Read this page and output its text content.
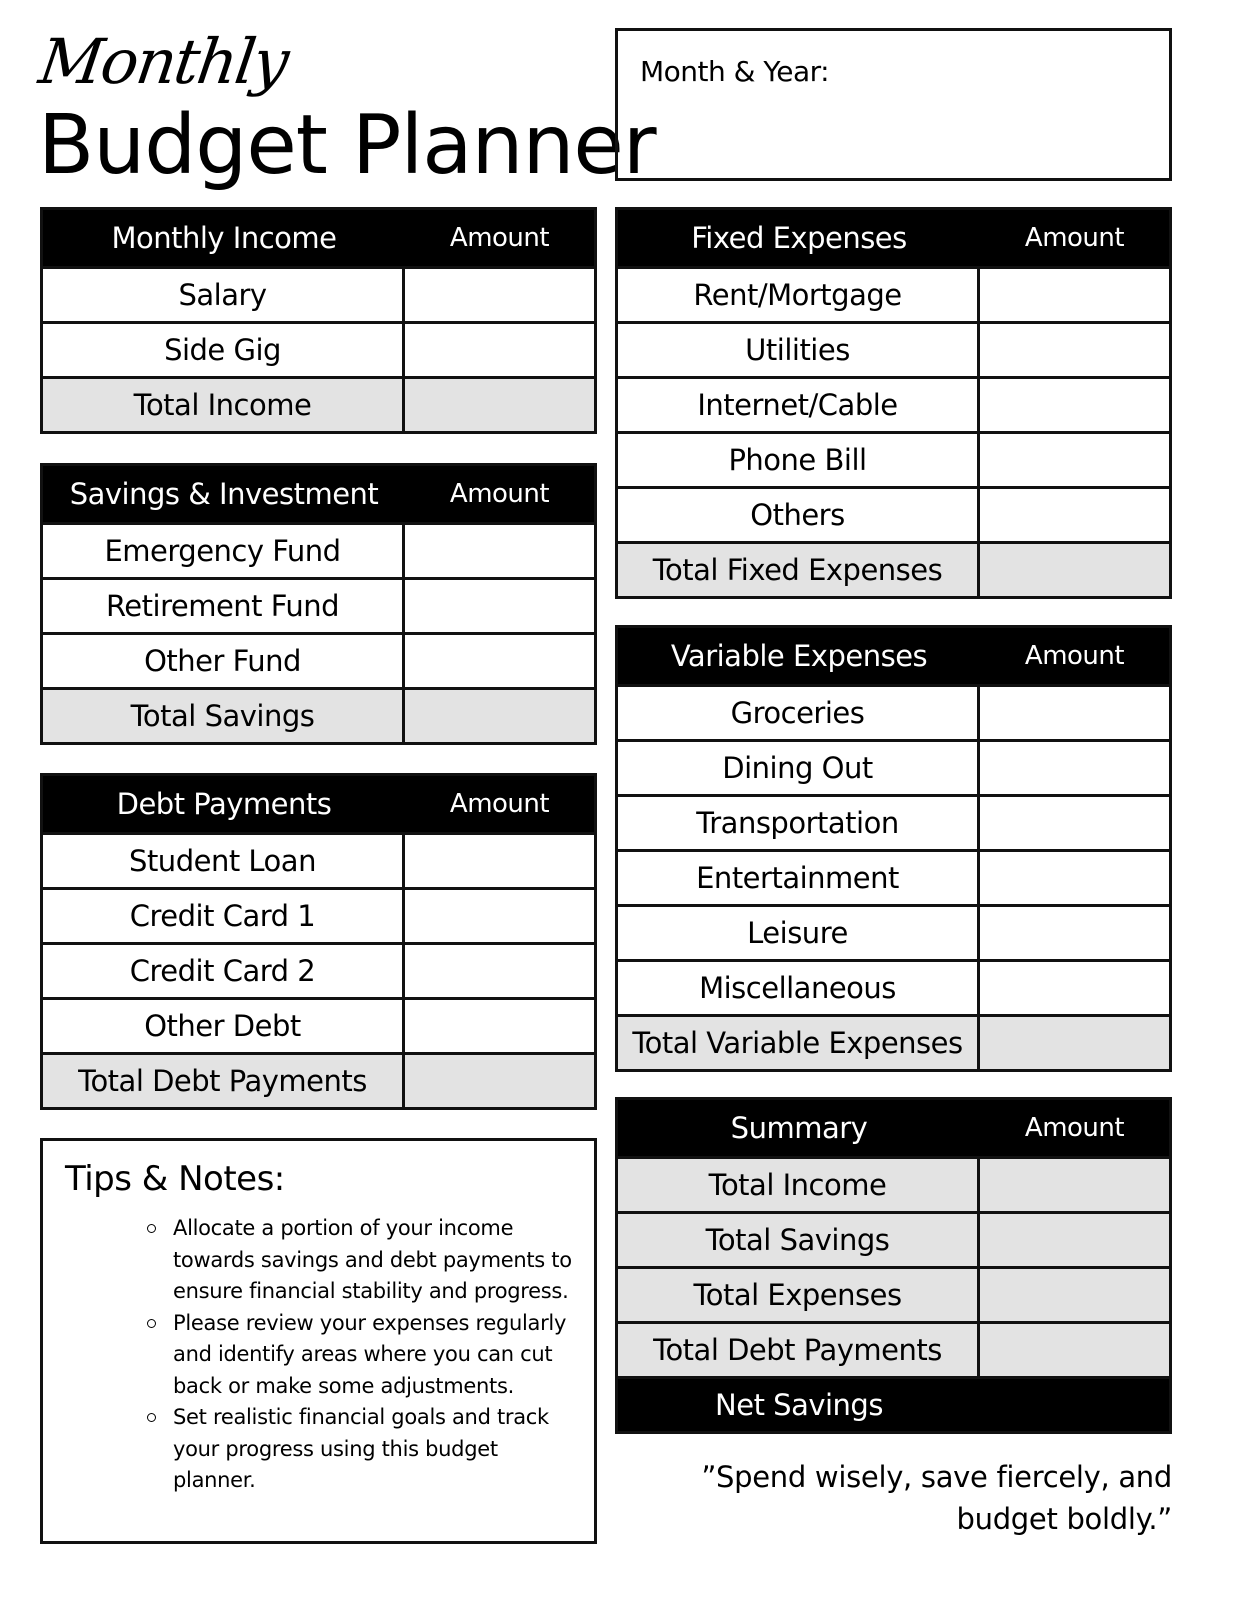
Monthly
Budget Planner
Month & Year:
Monthly Income	Amount
Salary
Side Gig
Total Income
Savings & Investment	Amount
Emergency Fund
Retirement Fund
Other Fund
Total Savings
Debt Payments	Amount
Student Loan
Credit Card 1
Credit Card 2
Other Debt
Total Debt Payments
Tips & Notes:
Allocate a portion of your income towards savings and debt payments to ensure financial stability and progress.
Please review your expenses regularly and identify areas where you can cut back or make some adjustments.
Set realistic financial goals and track your progress using this budget planner.
Fixed Expenses	Amount
Rent/Mortgage
Utilities
Internet/Cable
Phone Bill
Others
Total Fixed Expenses
Variable Expenses	Amount
Groceries
Dining Out
Transportation
Entertainment
Leisure
Miscellaneous
Total Variable Expenses
Summary	Amount
Total Income
Total Savings
Total Expenses
Total Debt Payments
Net Savings
”Spend wisely, save fiercely, and budget boldly.”
